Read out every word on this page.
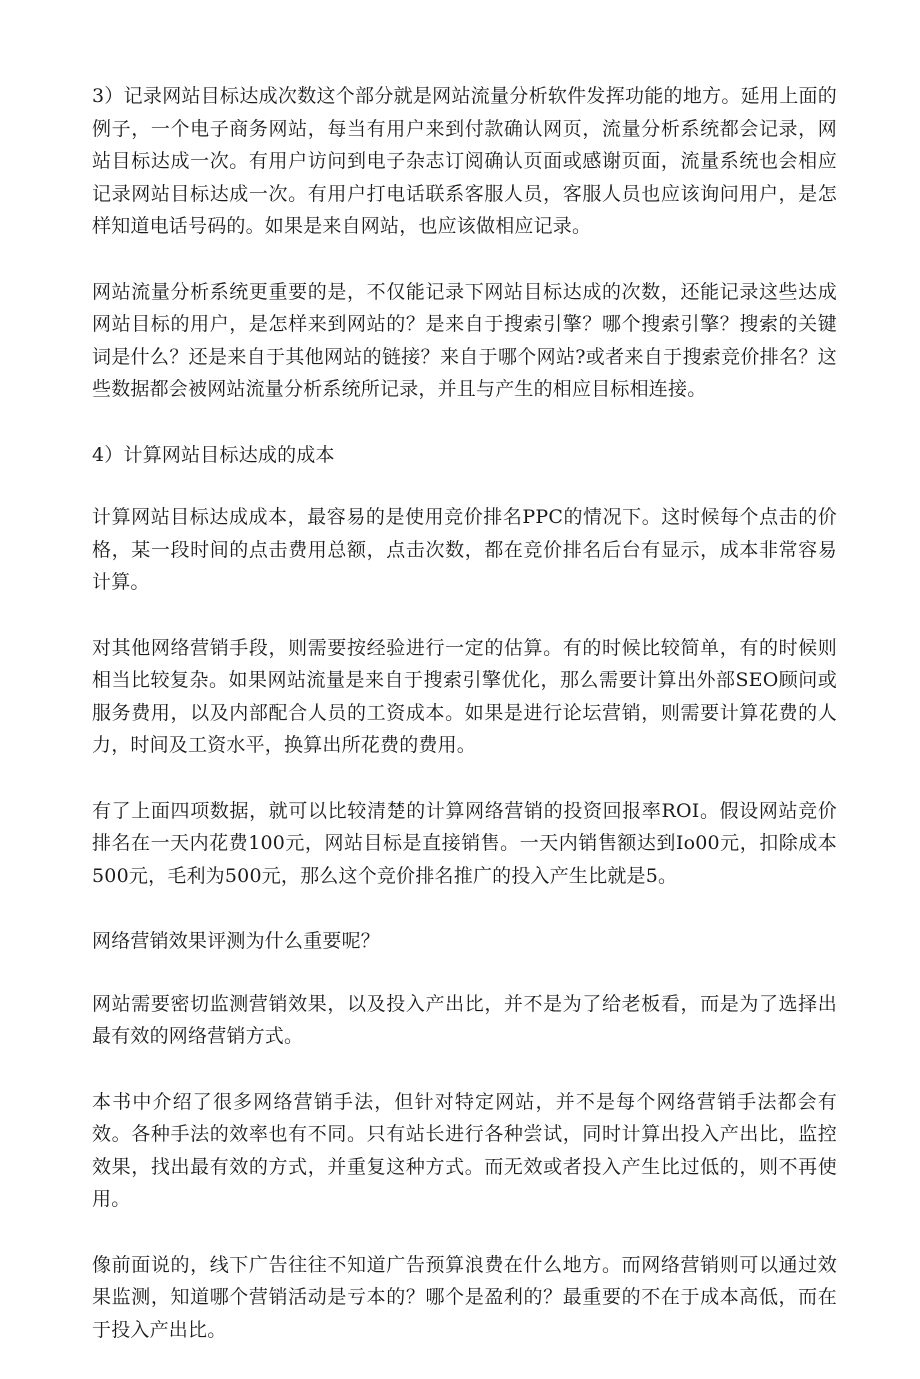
3）记录网站目标达成次数这个部分就是网站流量分析软件发挥功能的地方。延用上面的例子，一个电子商务网站，每当有用户来到付款确认网页，流量分析系统都会记录，网站目标达成一次。有用户访问到电子杂志订阅确认页面或感谢页面，流量系统也会相应记录网站目标达成一次。有用户打电话联系客服人员，客服人员也应该询问用户，是怎样知道电话号码的。如果是来自网站，也应该做相应记录。

网站流量分析系统更重要的是，不仅能记录下网站目标达成的次数，还能记录这些达成网站目标的用户，是怎样来到网站的？是来自于搜索引擎？哪个搜索引擎？搜索的关键词是什么？还是来自于其他网站的链接？来自于哪个网站?或者来自于搜索竞价排名？这些数据都会被网站流量分析系统所记录，并且与产生的相应目标相连接。

4）计算网站目标达成的成本

计算网站目标达成成本，最容易的是使用竞价排名PPC的情况下。这时候每个点击的价格，某一段时间的点击费用总额，点击次数，都在竞价排名后台有显示，成本非常容易计算。

对其他网络营销手段，则需要按经验进行一定的估算。有的时候比较简单，有的时候则相当比较复杂。如果网站流量是来自于搜索引擎优化，那么需要计算出外部SEO顾问或服务费用，以及内部配合人员的工资成本。如果是进行论坛营销，则需要计算花费的人力，时间及工资水平，换算出所花费的费用。

有了上面四项数据，就可以比较清楚的计算网络营销的投资回报率ROI。假设网站竞价排名在一天内花费100元，网站目标是直接销售。一天内销售额达到Io00元，扣除成本500元，毛利为500元，那么这个竞价排名推广的投入产生比就是5。

网络营销效果评测为什么重要呢？

网站需要密切监测营销效果，以及投入产出比，并不是为了给老板看，而是为了选择出最有效的网络营销方式。

本书中介绍了很多网络营销手法，但针对特定网站，并不是每个网络营销手法都会有效。各种手法的效率也有不同。只有站长进行各种尝试，同时计算出投入产出比，监控效果，找出最有效的方式，并重复这种方式。而无效或者投入产生比过低的，则不再使用。

像前面说的，线下广告往往不知道广告预算浪费在什么地方。而网络营销则可以通过效果监测，知道哪个营销活动是亏本的？哪个是盈利的？最重要的不在于成本高低，而在于投入产出比。
